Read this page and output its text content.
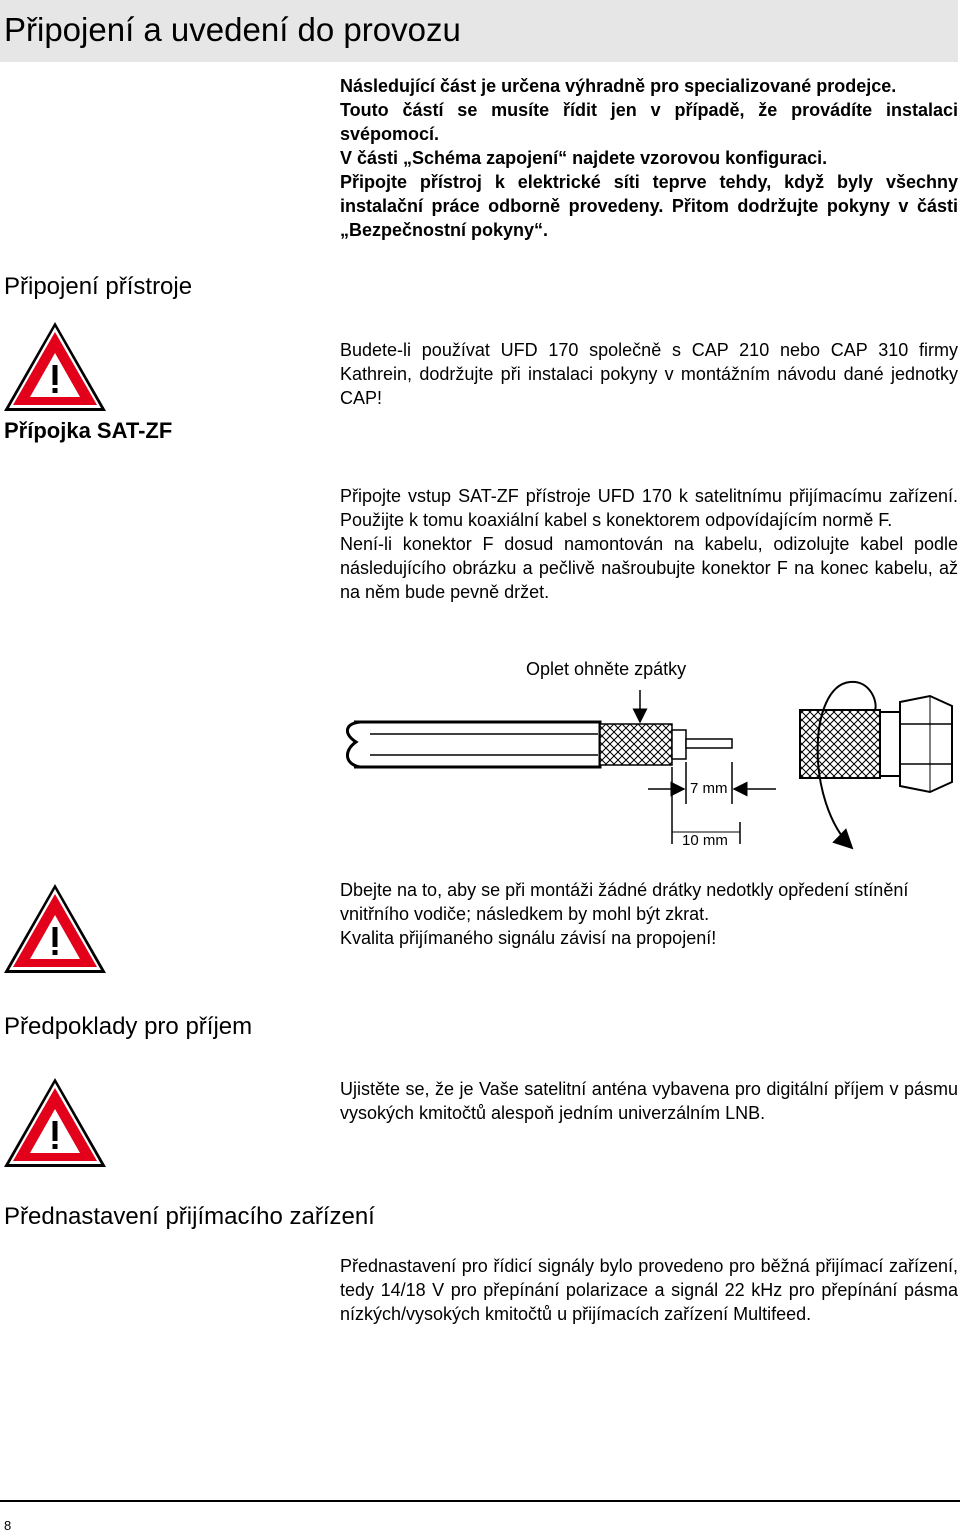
Připojení a uvedení do provozu
Následující část je určena výhradně pro specializované prodejce.
Touto částí se musíte řídit jen v případě, že provádíte instalaci svépomocí.
V části „Schéma zapojení“ najdete vzorovou konfiguraci.
Připojte přístroj k elektrické síti teprve tehdy, když byly všechny instalační práce odborně provedeny. Přitom dodržujte pokyny v části „Bezpečnostní pokyny“.
Připojení přístroje
Přípojka SAT-ZF

Budete-li používat UFD 170 společně s CAP 210 nebo CAP 310 firmy Kathrein, dodržujte při instalaci pokyny v montážním návodu dané jednotky CAP!

Připojte vstup SAT-ZF přístroje UFD 170 k satelitnímu přijímacímu zařízení. Použijte k tomu koaxiální kabel s konektorem odpovídajícím normě F.
Není-li konektor F dosud namontován na kabelu, odizolujte kabel podle následujícího obrázku a pečlivě našroubujte konektor F na konec kabelu, až na něm bude pevně držet.
Oplet ohněte zpátky
7 mm
10 mm
Dbejte na to, aby se při montáži žádné drátky nedotkly opředení stínění vnitřního vodiče; následkem by mohl být zkrat.
Kvalita přijímaného signálu závisí na propojení!
Předpoklady pro příjem

Ujistěte se, že je Vaše satelitní anténa vybavena pro digitální příjem v pásmu vysokých kmitočtů alespoň jedním univerzálním LNB.

Přednastavení přijímacího zařízení

Přednastavení pro řídicí signály bylo provedeno pro běžná přijímací zařízení, tedy 14/18 V pro přepínání polarizace a signál 22 kHz pro přepínání pásma nízkých/vysokých kmitočtů u přijímacích zařízení Multifeed.

8
